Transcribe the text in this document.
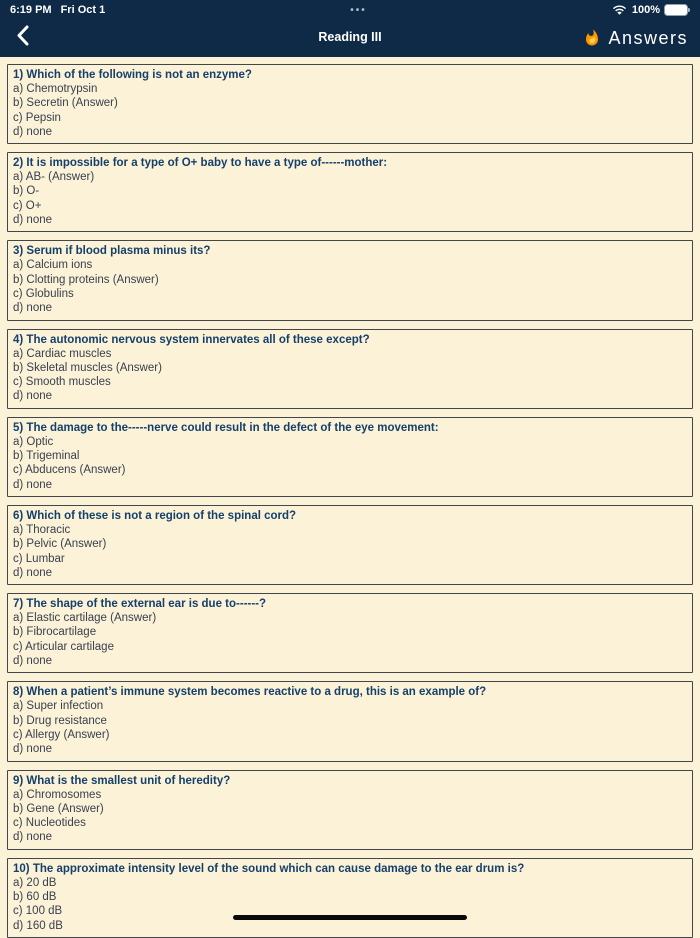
6:19 PM Fri Oct 1	•••	100%
Reading III	Answers
1) Which of the following is not an enzyme?
a) Chemotrypsin
b) Secretin (Answer)
c) Pepsin
d) none
2) It is impossible for a type of O+ baby to have a type of------mother:
a) AB- (Answer)
b) O-
c) O+
d) none
3) Serum if blood plasma minus its?
a) Calcium ions
b) Clotting proteins (Answer)
c) Globulins
d) none
4) The autonomic nervous system innervates all of these except?
a) Cardiac muscles
b) Skeletal muscles (Answer)
c) Smooth muscles
d) none
5) The damage to the-----nerve could result in the defect of the eye movement:
a) Optic
b) Trigeminal
c) Abducens (Answer)
d) none
6) Which of these is not a region of the spinal cord?
a) Thoracic
b) Pelvic (Answer)
c) Lumbar
d) none
7) The shape of the external ear is due to------?
a) Elastic cartilage (Answer)
b) Fibrocartilage
c) Articular cartilage
d) none
8) When a patient’s immune system becomes reactive to a drug, this is an example of?
a) Super infection
b) Drug resistance
c) Allergy (Answer)
d) none
9) What is the smallest unit of heredity?
a) Chromosomes
b) Gene (Answer)
c) Nucleotides
d) none
10) The approximate intensity level of the sound which can cause damage to the ear drum is?
a) 20 dB
b) 60 dB
c) 100 dB
d) 160 dB
